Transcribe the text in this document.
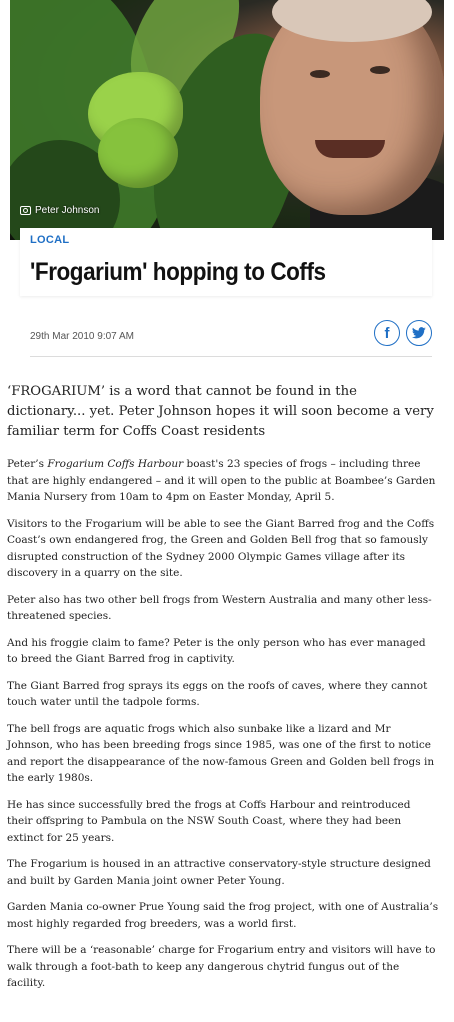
Peter Johnson
LOCAL
'Frogarium' hopping to Coffs
29th Mar 2010 9:07 AM	f

‘FROGARIUM’ is a word that cannot be found in the dictionary... yet. Peter Johnson hopes it will soon become a very familiar term for Coffs Coast residents

Peter’s Frogarium Coffs Harbour boast's 23 species of frogs – including three that are highly endangered – and it will open to the public at Boambee’s Garden Mania Nursery from 10am to 4pm on Easter Monday, April 5.

Visitors to the Frogarium will be able to see the Giant Barred frog and the Coffs Coast’s own endangered frog, the Green and Golden Bell frog that so famously disrupted construction of the Sydney 2000 Olympic Games village after its discovery in a quarry on the site.

Peter also has two other bell frogs from Western Australia and many other less-threatened species.

And his froggie claim to fame? Peter is the only person who has ever managed to breed the Giant Barred frog in captivity.

The Giant Barred frog sprays its eggs on the roofs of caves, where they cannot touch water until the tadpole forms.

The bell frogs are aquatic frogs which also sunbake like a lizard and Mr Johnson, who has been breeding frogs since 1985, was one of the first to notice and report the disappearance of the now-famous Green and Golden bell frogs in the early 1980s.

He has since successfully bred the frogs at Coffs Harbour and reintroduced their offspring to Pambula on the NSW South Coast, where they had been extinct for 25 years.

The Frogarium is housed in an attractive conservatory-style structure designed and built by Garden Mania joint owner Peter Young.

Garden Mania co-owner Prue Young said the frog project, with one of Australia’s most highly regarded frog breeders, was a world first.

There will be a ‘reasonable’ charge for Frogarium entry and visitors will have to walk through a foot-bath to keep any dangerous chytrid fungus out of the facility.
